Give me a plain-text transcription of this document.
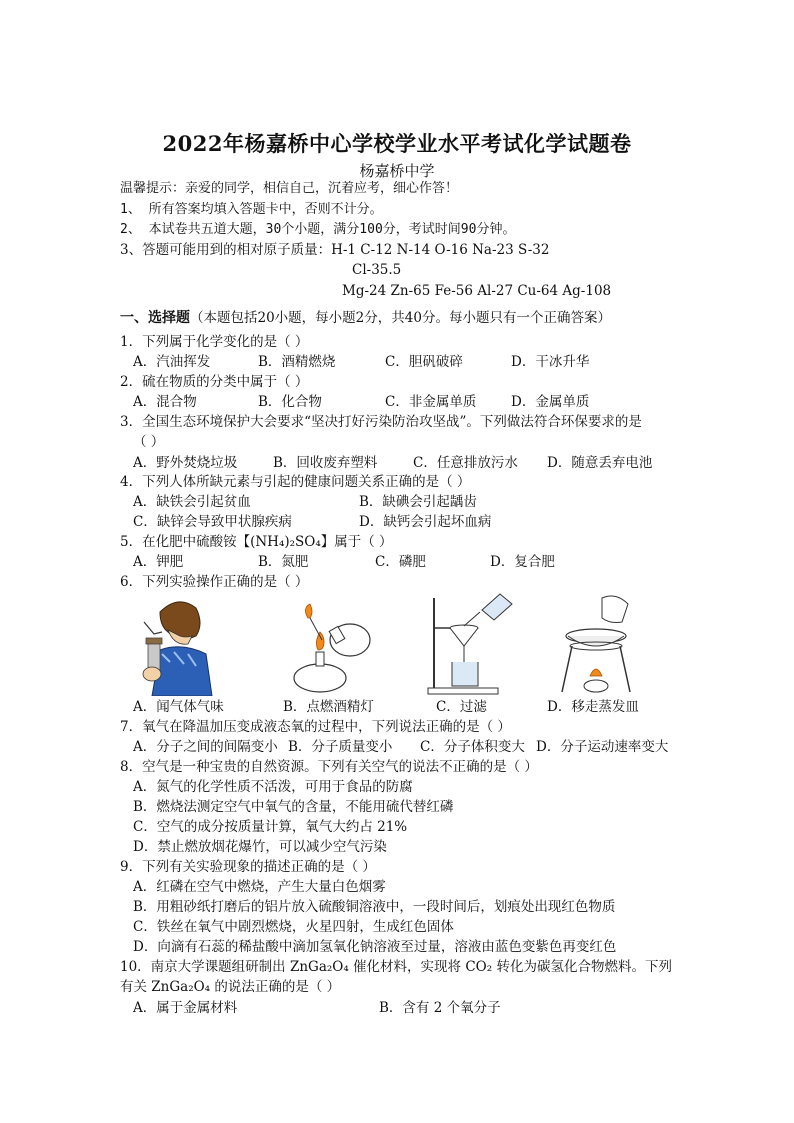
2022年杨嘉桥中心学校学业水平考试化学试题卷
杨嘉桥中学
温馨提示：亲爱的同学，相信自己，沉着应考，细心作答！
1、 所有答案均填入答题卡中，否则不计分。
2、 本试卷共五道大题，30个小题，满分100分，考试时间90分钟。
3、答题可能用到的相对原子质量：H-1 C-12 N-14 O-16 Na-23 S-32
Cl-35.5
Mg-24 Zn-65 Fe-56 Al-27 Cu-64 Ag-108
一、选择题（本题包括20小题，每小题2分，共40分。每小题只有一个正确答案）
1．下列属于化学变化的是（ ）
A．汽油挥发	B．酒精燃烧	C．胆矾破碎	D．干冰升华
2．硫在物质的分类中属于（ ）
A．混合物	B．化合物	C．非金属单质	D．金属单质
3．全国生态环境保护大会要求“坚决打好污染防治攻坚战”。下列做法符合环保要求的是
（ ）
A．野外焚烧垃圾	B．回收废弃塑料	C．任意排放污水 D．随意丢弃电池
4．下列人体所缺元素与引起的健康问题关系正确的是（ ）
A．缺铁会引起贫血	B．缺碘会引起龋齿
C．缺锌会导致甲状腺疾病	D．缺钙会引起坏血病
5．在化肥中硫酸铵【(NH₄)₂SO₄】属于（ ）
A．钾肥	B．氮肥	C．磷肥	D．复合肥
6．下列实验操作正确的是（ ）
A．闻气体气味	B．点燃酒精灯	C．过滤	D．移走蒸发皿
7．氧气在降温加压变成液态氧的过程中，下列说法正确的是（ ）
A．分子之间的间隔变小 B．分子质量变小 C．分子体积变大 D．分子运动速率变大
8．空气是一种宝贵的自然资源。下列有关空气的说法不正确的是（ ）
A．氮气的化学性质不活泼，可用于食品的防腐
B．燃烧法测定空气中氧气的含量，不能用硫代替红磷
C．空气的成分按质量计算，氧气大约占 21%
D．禁止燃放烟花爆竹，可以减少空气污染
9．下列有关实验现象的描述正确的是（ ）
A．红磷在空气中燃烧，产生大量白色烟雾
B．用粗砂纸打磨后的铝片放入硫酸铜溶液中，一段时间后，划痕处出现红色物质
C．铁丝在氧气中剧烈燃烧，火星四射，生成红色固体
D．向滴有石蕊的稀盐酸中滴加氢氧化钠溶液至过量，溶液由蓝色变紫色再变红色
10．南京大学课题组研制出 ZnGa₂O₄ 催化材料，实现将 CO₂ 转化为碳氢化合物燃料。下列
有关 ZnGa₂O₄ 的说法正确的是（ ）
A．属于金属材料	B．含有 2 个氧分子
